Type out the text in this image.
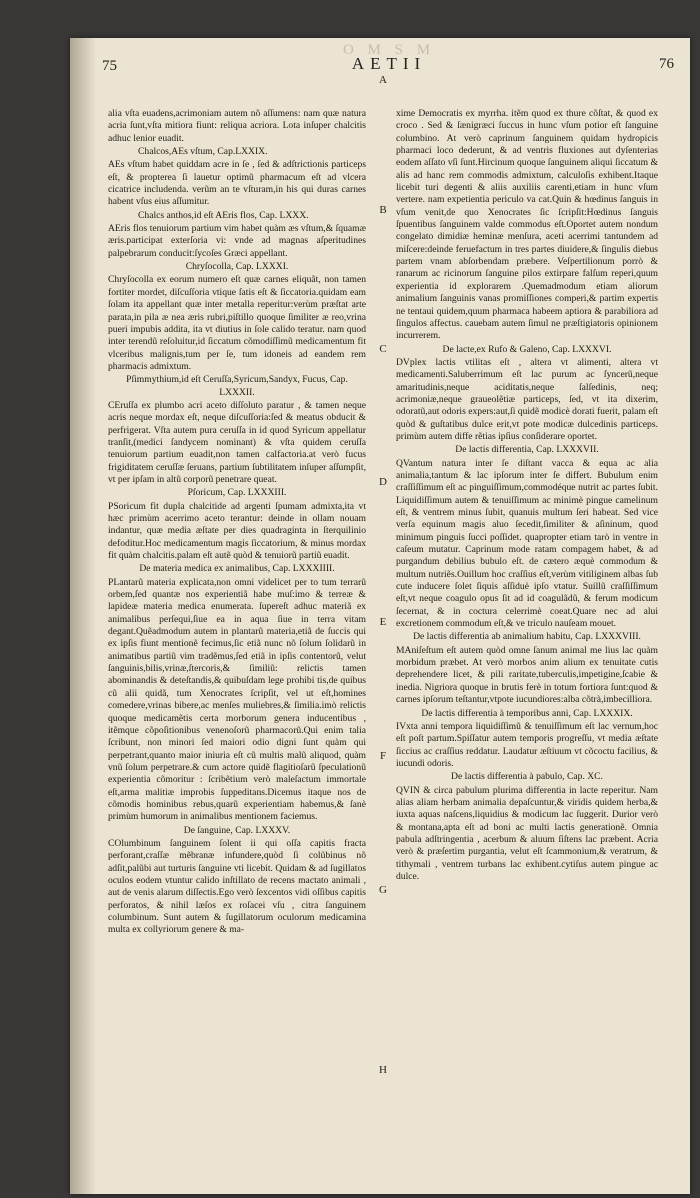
O M S M
75	AETII	76

alia vſta euadens,acrimoniam autem nõ aſſumens: nam quæ natura acria ſunt,vſta mitiora fiunt: reliqua acriora. Lota inſuper chalcitis adhuc lenior euadit.

Chalcos,AEs vſtum, Cap.LXXIX.

AEs vſtum habet quiddam acre in ſe , ſed & adſtrictionis particeps eſt, & propterea ſi lauetur optimũ pharmacum eſt ad vlcera cicatrice includenda. verũm an te vſturam,in his qui duras carnes habent vſus eius aſſumitur.

Chalcs anthos,id eſt AEris flos, Cap. LXXX.

AEris flos tenuiorum partium vim habet quàm æs vſtum,& ſquamæ æris.participat exterſoria vi: vnde ad magnas aſperitudines palpebrarum conducit:ſycoſes Græci appellant.

Chryſocolla, Cap. LXXXI.

Chryſocolla ex eorum numero eſt quæ carnes eliquãt, non tamen fortiter mordet, diſcuſſoria vtique ſatis eſt & ſiccatoria.quidam eam ſolam ita appellant quæ inter metalla reperitur:verùm præſtat arte parata,in pila æ nea æris rubri,piſtillo quoque ſimiliter æ reo,vrina pueri impubis addita, ita vt diutius in ſole calido teratur. nam quod inter terendũ reſoluitur,id ſiccatum cõmodiſſimũ medicamentum fit vlceribus malignis,tum per ſe, tum idoneis ad eandem rem pharmacis admixtum.

Pſimmythium,id eſt Ceruſſa,Syricum,Sandyx, Fucus, Cap. LXXXII.

CEruſſa ex plumbo acri aceto diſſoluto paratur , & tamen neque acris neque mordax eſt, neque diſcuſſoria:ſed & meatus obducit & perfrigerat. Vſta autem pura ceruſſa in id quod Syricum appellatur tranſit,(medici ſandycem nominant) & vſta quidem ceruſſa tenuiorum partium euadit,non tamen calfactoria.at verò fucus frigiditatem ceruſſæ ſeruans, partium ſubtilitatem inſuper aſſumpſit, vt per ipſam in altũ corporũ penetrare queat.

Pſoricum, Cap. LXXXIII.

PSoricum fit dupla chalcitide ad argenti ſpumam admixta,ita vt hæc primùm acerrimo aceto terantur: deinde in ollam nouam indantur, quæ media æſtate per dies quadraginta in ſterquilinio defoditur.Hoc medicamentum magis ſiccatorium, & minus mordax fit quàm chalcitis.palam eſt autẽ quòd & tenuiorũ partiũ euadit.

De materia medica ex animalibus, Cap. LXXXIIII.

PLantarũ materia explicata,non omni videlicet per to tum terrarũ orbem,ſed quantæ nos experientiã habe muſ:imo & terreæ & lapideæ materia medica enumerata. ſupereſt adhuc materiã ex animalibus perſequi,ſiue ea in aqua ſiue in terra vitam degant.Quẽadmodum autem in plantarũ materia,etiã de ſuccis qui ex ipſis fiunt mentionẽ fecimus,ſic etiã nunc nõ ſolum ſolidarũ in animatibus partiũ vim tradẽmus,ſed etiã in ipſis contentorũ, velut ſanguinis,bilis,vrinæ,ſtercoris,& ſimiliũ: relictis tamen abominandis & deteſtandis,& quibuſdam lege prohibi tis,de quibus cũ alii quidã, tum Xenocrates ſcripſit, vel ut eſt,homines comedere,vrinas bibere,ac menſes muliebres,& ſimilia.imò relictis quoque medicamẽtis certa morborum genera inducentibus , itẽmque cõpoſitionibus venenoſorũ pharmacorũ.Qui enim talia ſcribunt, non minori ſed maiori odio digni ſunt quàm qui perpetrant,quanto maior iniuria eſt cũ multis malũ aliquod, quàm vnũ ſolum perpetrare.& cum actore quidẽ flagitioſarũ ſpeculationũ experientia cõmoritur : ſcribẽtium verò maleſactum immortale eſt,arma malitiæ improbis ſuppeditans.Dicemus itaque nos de cõmodis hominibus rebus,quarũ experientiam habemus,& ſanè primùm humorum in animalibus mentionem faciemus.

De ſanguine, Cap. LXXXV.

COlumbinum ſanguinem ſolent ii qui oſſa capitis fracta perforant,craſſæ mẽbranæ infundere,quòd ſi colũbinus nõ adſit,palũbi aut turturis ſanguine vti licebit. Quidam & ad ſugillatos oculos eodem vtuntur calido inſtillato de recens mactato animali , aut de venis alarum diſſectis.Ego verò ſexcentos vidi oſſibus capitis perforatos, & nihil læſos ex roſacei vſu , citra ſanguinem columbinum. Sunt autem & ſugillatorum oculorum medicamina multa ex collyriorum genere & ma-

A
B
C
D
E
F
G
H

xime Democratis ex myrrha. itẽm quod ex thure cõſtat, & quod ex croco . Sed & ſænigræci ſuccus in hunc vſum potior eſt ſanguine columbino. At verò caprinum ſanguinem quidam hydropicis pharmaci loco dederunt, & ad ventris fluxiones aut dyſenterias eodem aſſato vſi ſunt.Hircinum quoque ſanguinem aliqui ſiccatum & alis ad hanc rem commodis admixtum, calculoſis exhibent.Itaque licebit turi degenti & aliis auxiliis carenti,etiam in hunc vſum vertere. nam expetientia periculo va cat.Quin & hœdinus ſanguis in vſum venit,de quo Xenocrates ſic ſcripſit:Hœdinus ſanguis ſpuentibus ſanguinem valde commodus eſt.Oportet autem nondum congelato dimidiæ heminæ menſura, aceti acerrimi tantundem ad miſcere:deinde feruefactum in tres partes diuidere,& ſingulis diebus partem vnam abſorbendam præbere. Veſpertilionum porrò & ranarum ac ricinorum ſanguine pilos extirpare falſum reperi,quum experientia id explorarem .Quemadmodum etiam aliorum animalium ſanguinis vanas promiſſiones comperi,& partim expertis ne tentaui quidem,quum pharmaca habeem aptiora & parabiliora ad ſingulos affectus. cauebam autem ſimul ne præſtigiatoris opinionem incurrerem.

De lacte,ex Rufo & Galeno, Cap. LXXXVI.

DVplex lactis vtilitas eſt , altera vt alimenti, altera vt medicamenti.Saluberrimum eſt lac purum ac ſyncerũ,neque amaritudinis,neque aciditatis,neque ſalſedinis, neq; acrimoniæ,neque graueolẽtiæ particeps, ſed, vt ita dixerim, odoratũ,aut odoris expers:aut,ſi quidẽ modicè dorati fuerit, palam eſt quòd & guſtatibus dulce erit,vt pote modicæ dulcedinis particeps. primùm autem diffe rẽtias ipſius conſiderare oportet.

De lactis differentia, Cap. LXXXVII.

QVantum natura inter ſe diſtant vacca & equa ac alia animalia,tantum & lac ipſorum inter ſe differt. Bubulum enim craſſiſſimum eſt ac pinguiſſimum,commodéque nutrit ac partes ſubit. Liquidiſſimum autem & tenuiſſimum ac minimè pingue camelinum eſt, & ventrem minus ſubit, quanuis multum ſeri habeat. Sed vice verſa equinum magis aluo ſecedit,ſimiliter & aſininum, quod minimum pinguis ſucci poſſidet. quapropter etiam tarò in ventre in caſeum mutatur. Caprinum mode ratam compagem habet, & ad purgandum debilius bubulo eſt. de cætero æquè commodum & multum nutriẽs.Ouillum hoc craſſius eſt,verùm vitiliginem albas ſub cute inducere ſolet ſiquis aſſiduè ipſo vtatur. Suillũ craſſiſſimum eſt,vt neque coagulo opus ſit ad id coagulãdũ, & ferum modicum ſecernat, & in coctura celerrimè coeat.Quare nec ad alui excretionem commodum eſt,& ve triculo nauſeam mouet.

De lactis differentia ab animalium habitu, Cap. LXXXVIII.

MAniſeſtum eſt autem quòd omne ſanum animal me lius lac quàm morbidum præbet. At verò morbos anim alium ex tenuitate cutis deprehendere licet, & pili raritate,tuberculis,impetigine,ſcabie & inedia. Nigriora quoque in brutis ferè in totum fortiora ſunt:quod & carnes ipſorum teſtantur,vtpote iucundiores:alba cõtrà,imbecilliora.

De lactis differentia à temporibus anni, Cap. LXXXIX.

IVxta anni tempora liquidiſſimũ & tenuiſſimum eſt lac vernum,hoc eſt poſt partum.Spiſſatur autem temporis progreſſu, vt media æſtate ſiccius ac craſſius reddatur. Laudatur æſtiuum vt cõcoctu facilius, & iucundi odoris.

De lactis differentia à pabulo, Cap. XC.

QVIN & circa pabulum plurima differentia in lacte reperitur. Nam alias aliam herbam animalia depaſcuntur,& viridis quidem herba,& iuxta aquas naſcens,liquidius & modicum lac ſuggerit. Durior verò & montana,apta eſt ad boni ac multi lactis generationẽ. Omnia pabula adſtringentia , acerbum & aluum ſiſtens lac præbent. Acria verò & præſertim purgantia, velut eſt ſcammonium,& veratrum, & tithymali , ventrem turbans lac exhibent.cytiſus autem pingue ac dulce.
